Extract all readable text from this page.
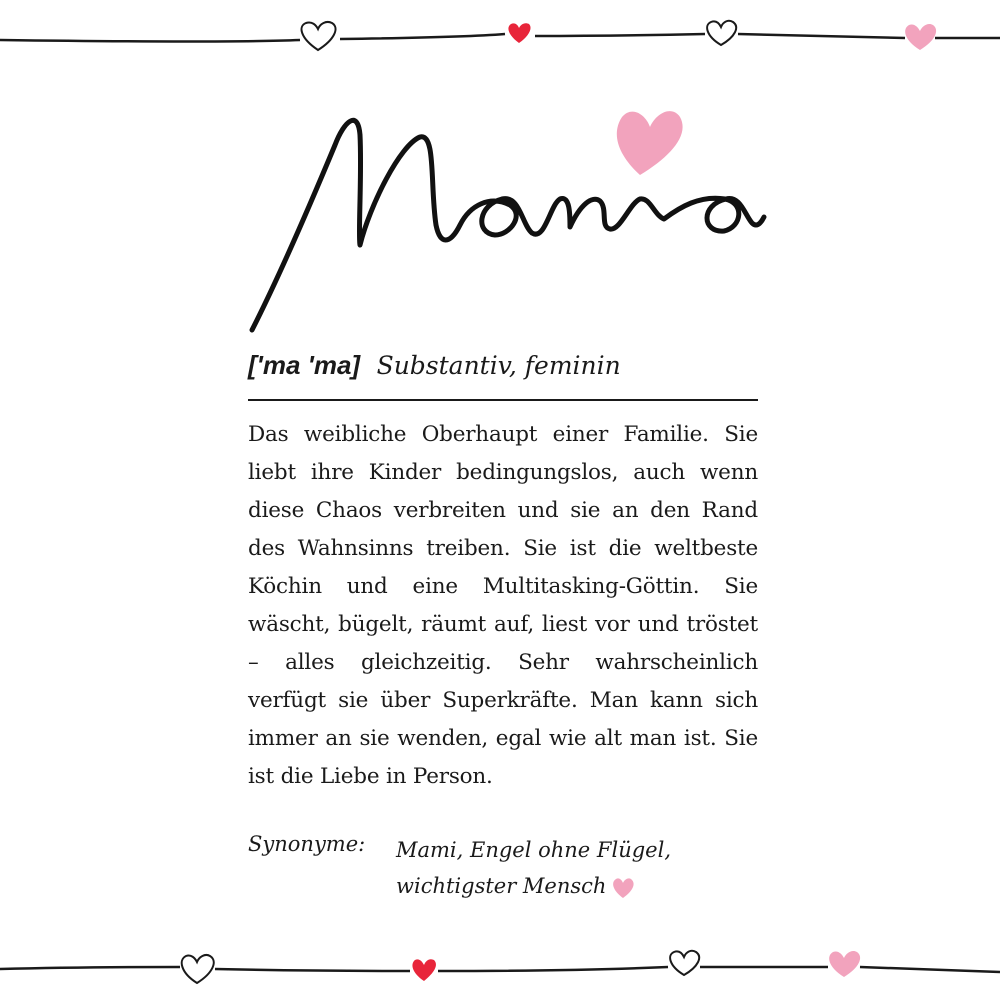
Mama
['ma 'ma] Substantiv, feminin
Das weibliche Oberhaupt einer Familie. Sie liebt ihre Kinder bedingungslos, auch wenn diese Chaos verbreiten und sie an den Rand des Wahnsinns treiben. Sie ist die weltbeste Köchin und eine Multitasking-Göttin. Sie wäscht, bügelt, räumt auf, liest vor und tröstet – alles gleichzeitig. Sehr wahrscheinlich verfügt sie über Superkräfte. Man kann sich immer an sie wenden, egal wie alt man ist. Sie ist die Liebe in Person.
Synonyme: Mami, Engel ohne Flügel,
wichtigster Mensch
